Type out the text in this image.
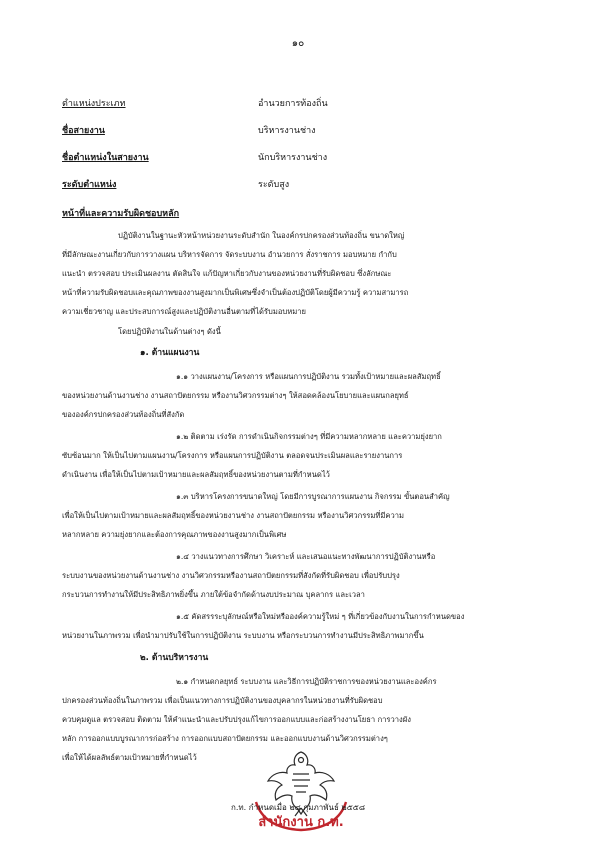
๑๐
ตำแหน่งประเภท	อำนวยการท้องถิ่น
ชื่อสายงาน	บริหารงานช่าง
ชื่อตำแหน่งในสายงาน	นักบริหารงานช่าง
ระดับตำแหน่ง	ระดับสูง
หน้าที่และความรับผิดชอบหลัก
ปฏิบัติงานในฐานะหัวหน้าหน่วยงานระดับสำนัก ในองค์กรปกครองส่วนท้องถิ่น ขนาดใหญ่
ที่มีลักษณะงานเกี่ยวกับการวางแผน บริหารจัดการ จัดระบบงาน อำนวยการ สั่งราชการ มอบหมาย กำกับ
แนะนำ ตรวจสอบ ประเมินผลงาน ตัดสินใจ แก้ปัญหาเกี่ยวกับงานของหน่วยงานที่รับผิดชอบ ซึ่งลักษณะ
หน้าที่ความรับผิดชอบและคุณภาพของงานสูงมากเป็นพิเศษซึ่งจำเป็นต้องปฏิบัติโดยผู้มีความรู้ ความสามารถ
ความเชี่ยวชาญ และประสบการณ์สูงและปฏิบัติงานอื่นตามที่ได้รับมอบหมาย
โดยปฏิบัติงานในด้านต่างๆ ดังนี้
๑. ด้านแผนงาน
๑.๑ วางแผนงาน/โครงการ หรือแผนการปฏิบัติงาน รวมทั้งเป้าหมายและผลสัมฤทธิ์
ของหน่วยงานด้านงานช่าง งานสถาปัตยกรรม หรืองานวิศวกรรมต่างๆ ให้สอดคล้องนโยบายและแผนกลยุทธ์
ขององค์กรปกครองส่วนท้องถิ่นที่สังกัด
๑.๒ ติดตาม เร่งรัด การดำเนินกิจกรรมต่างๆ ที่มีความหลากหลาย และความยุ่งยาก
ซับซ้อนมาก ให้เป็นไปตามแผนงาน/โครงการ หรือแผนการปฏิบัติงาน ตลอดจนประเมินผลและรายงานการ
ดำเนินงาน เพื่อให้เป็นไปตามเป้าหมายและผลสัมฤทธิ์ของหน่วยงานตามที่กำหนดไว้
๑.๓ บริหารโครงการขนาดใหญ่ โดยมีการบูรณาการแผนงาน กิจกรรม ขั้นตอนสำคัญ
เพื่อให้เป็นไปตามเป้าหมายและผลสัมฤทธิ์ของหน่วยงานช่าง งานสถาปัตยกรรม หรืองานวิศวกรรมที่มีความ
หลากหลาย ความยุ่งยากและต้องการคุณภาพของงานสูงมากเป็นพิเศษ
๑.๔ วางแนวทางการศึกษา วิเคราะห์ และเสนอแนะทางพัฒนาการปฏิบัติงานหรือ
ระบบงานของหน่วยงานด้านงานช่าง งานวิศวกรรมหรืองานสถาปัตยกรรมที่สังกัดที่รับผิดชอบ เพื่อปรับปรุง
กระบวนการทำงานให้มีประสิทธิภาพยิ่งขึ้น ภายใต้ข้อจำกัดด้านงบประมาณ บุคลากร และเวลา
๑.๕ คัดสรรระบุลักษณ์หรือใหม่หรือองค์ความรู้ใหม่ ๆ ที่เกี่ยวข้องกับงานในการกำหนดของ
หน่วยงานในภาพรวม เพื่อนำมาปรับใช้ในการปฏิบัติงาน ระบบงาน หรือกระบวนการทำงานมีประสิทธิภาพมากขึ้น
๒. ด้านบริหารงาน
๒.๑ กำหนดกลยุทธ์ ระบบงาน และวิธีการปฏิบัติราชการของหน่วยงานและองค์กร
ปกครองส่วนท้องถิ่นในภาพรวม เพื่อเป็นแนวทางการปฏิบัติงานของบุคลากรในหน่วยงานที่รับผิดชอบ
ควบคุมดูแล ตรวจสอบ ติดตาม ให้คำแนะนำและปรับปรุงแก้ไขการออกแบบและก่อสร้างงานโยธา การวางผัง
หลัก การออกแบบบูรณาการก่อสร้าง การออกแบบสถาปัตยกรรม และออกแบบงานด้านวิศวกรรมต่างๆ
เพื่อให้ได้ผลลัพธ์ตามเป้าหมายที่กำหนดไว้
สำนักงาน ก.ท.
ก.ท. กำหนดเมื่อ ๒๘ กุมภาพันธ์ ๒๕๕๘
